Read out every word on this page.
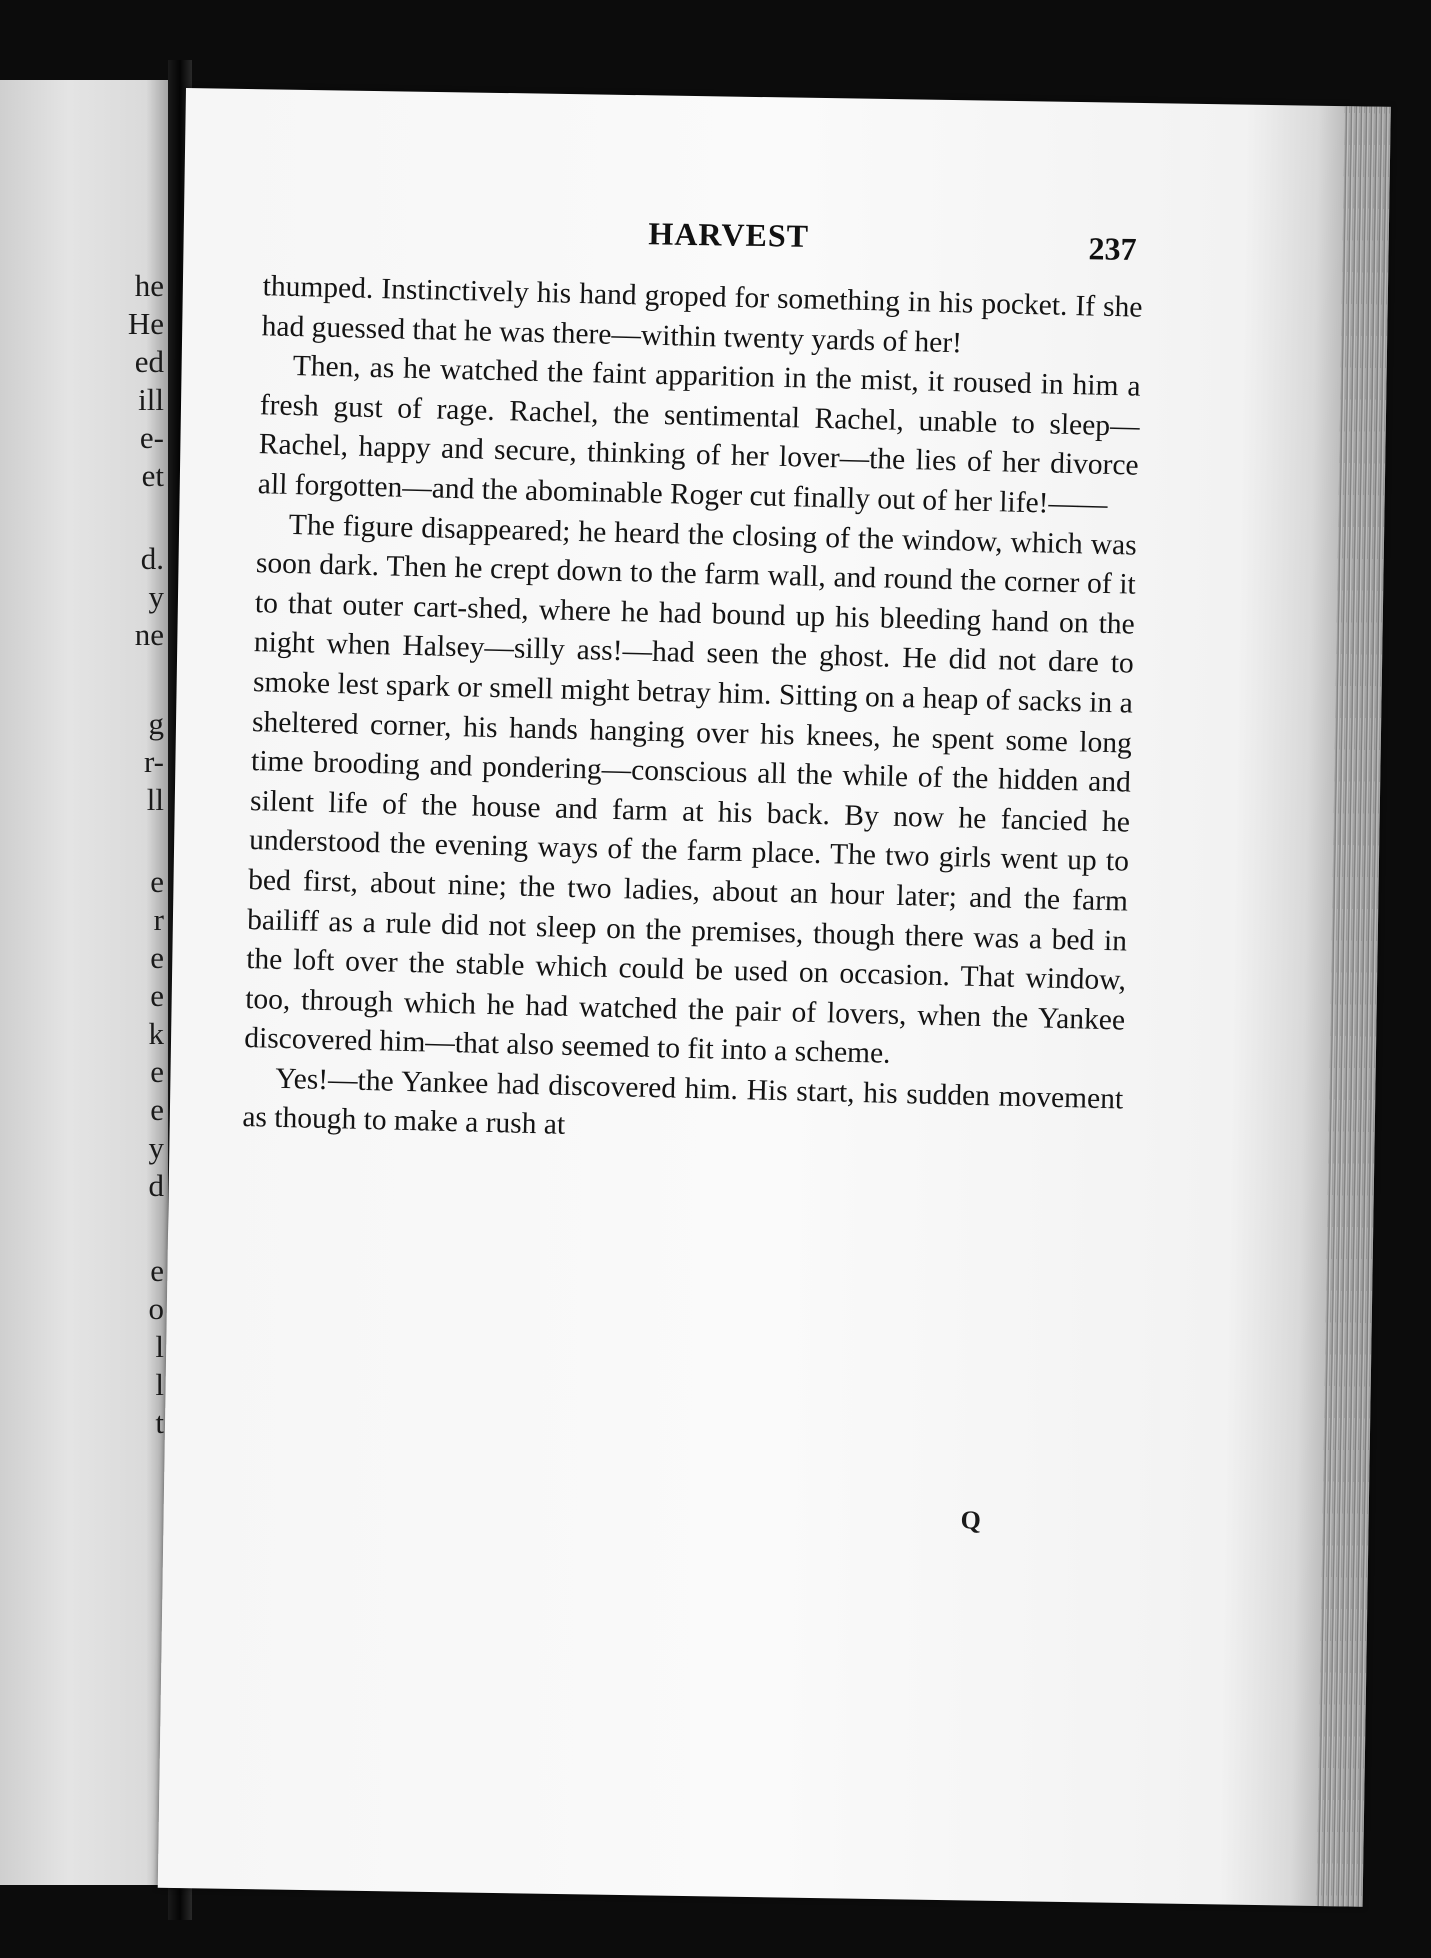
he
He
ed
ill
e-
et
d.
y
ne
g
r-
ll
e
r
e
e
k
e
e
y
d
e
o
l
l
t
HARVEST	237

thumped. Instinctively his hand groped for something in his pocket. If she had guessed that he was there—within twenty yards of her!

Then, as he watched the faint apparition in the mist, it roused in him a fresh gust of rage. Rachel, the sentimental Rachel, unable to sleep—Rachel, happy and secure, thinking of her lover—the lies of her divorce all forgotten—and the abominable Roger cut finally out of her life!——

The figure disappeared; he heard the closing of the window, which was soon dark. Then he crept down to the farm wall, and round the corner of it to that outer cart-shed, where he had bound up his bleeding hand on the night when Halsey—silly ass!—had seen the ghost. He did not dare to smoke lest spark or smell might betray him. Sitting on a heap of sacks in a sheltered corner, his hands hanging over his knees, he spent some long time brooding and pondering—conscious all the while of the hidden and silent life of the house and farm at his back. By now he fancied he understood the evening ways of the farm place. The two girls went up to bed first, about nine; the two ladies, about an hour later; and the farm bailiff as a rule did not sleep on the premises, though there was a bed in the loft over the stable which could be used on occasion. That window, too, through which he had watched the pair of lovers, when the Yankee discovered him—that also seemed to fit into a scheme.

Yes!—the Yankee had discovered him. His start, his sudden movement as though to make a rush at

Q
